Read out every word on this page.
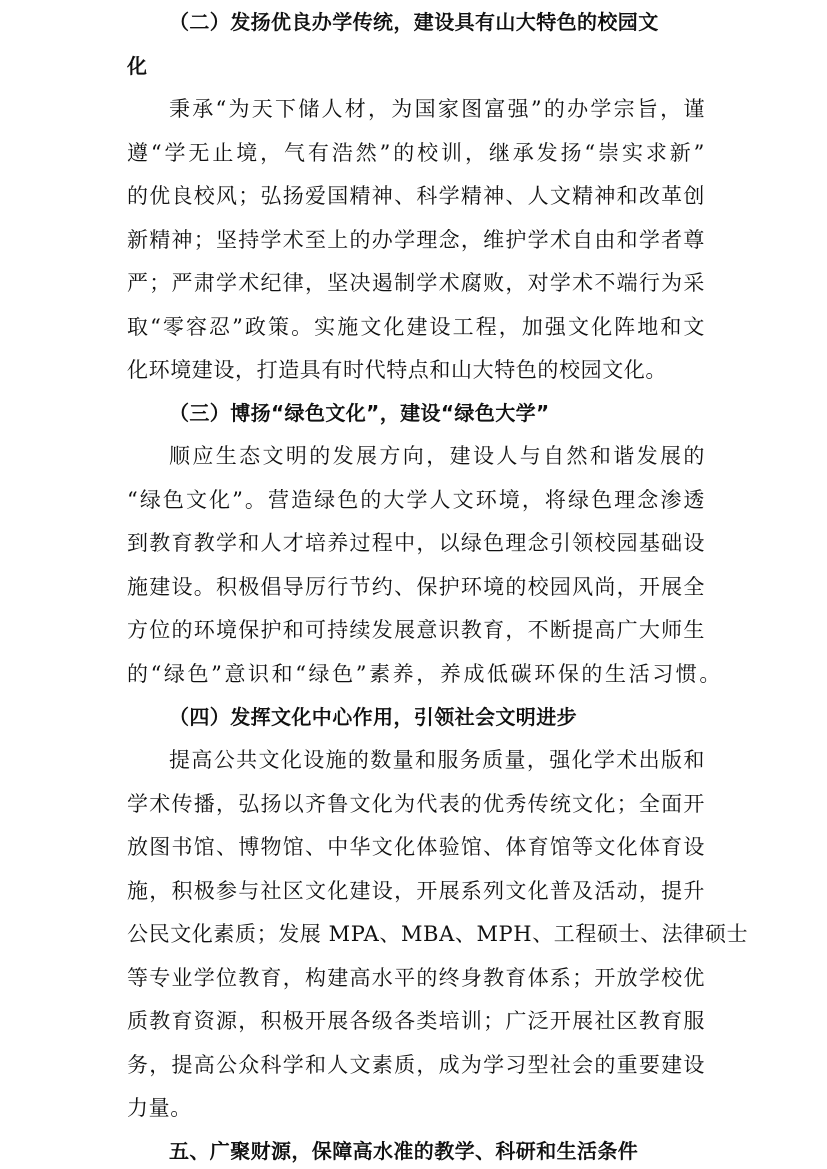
（二）发扬优良办学传统，建设具有山大特色的校园文
化
秉承“为天下储人材，为国家图富强”的办学宗旨，谨
遵“学无止境，气有浩然”的校训，继承发扬“崇实求新”
的优良校风；弘扬爱国精神、科学精神、人文精神和改革创
新精神；坚持学术至上的办学理念，维护学术自由和学者尊
严；严肃学术纪律，坚决遏制学术腐败，对学术不端行为采
取“零容忍”政策。实施文化建设工程，加强文化阵地和文
化环境建设，打造具有时代特点和山大特色的校园文化。
（三）博扬“绿色文化”，建设“绿色大学”
顺应生态文明的发展方向，建设人与自然和谐发展的
“绿色文化”。营造绿色的大学人文环境，将绿色理念渗透
到教育教学和人才培养过程中，以绿色理念引领校园基础设
施建设。积极倡导厉行节约、保护环境的校园风尚，开展全
方位的环境保护和可持续发展意识教育，不断提高广大师生
的“绿色”意识和“绿色”素养，养成低碳环保的生活习惯。
（四）发挥文化中心作用，引领社会文明进步
提高公共文化设施的数量和服务质量，强化学术出版和
学术传播，弘扬以齐鲁文化为代表的优秀传统文化；全面开
放图书馆、博物馆、中华文化体验馆、体育馆等文化体育设
施，积极参与社区文化建设，开展系列文化普及活动，提升
公民文化素质；发展 MPA、MBA、MPH、工程硕士、法律硕士
等专业学位教育，构建高水平的终身教育体系；开放学校优
质教育资源，积极开展各级各类培训；广泛开展社区教育服
务，提高公众科学和人文素质，成为学习型社会的重要建设
力量。
五、广聚财源，保障高水准的教学、科研和生活条件
